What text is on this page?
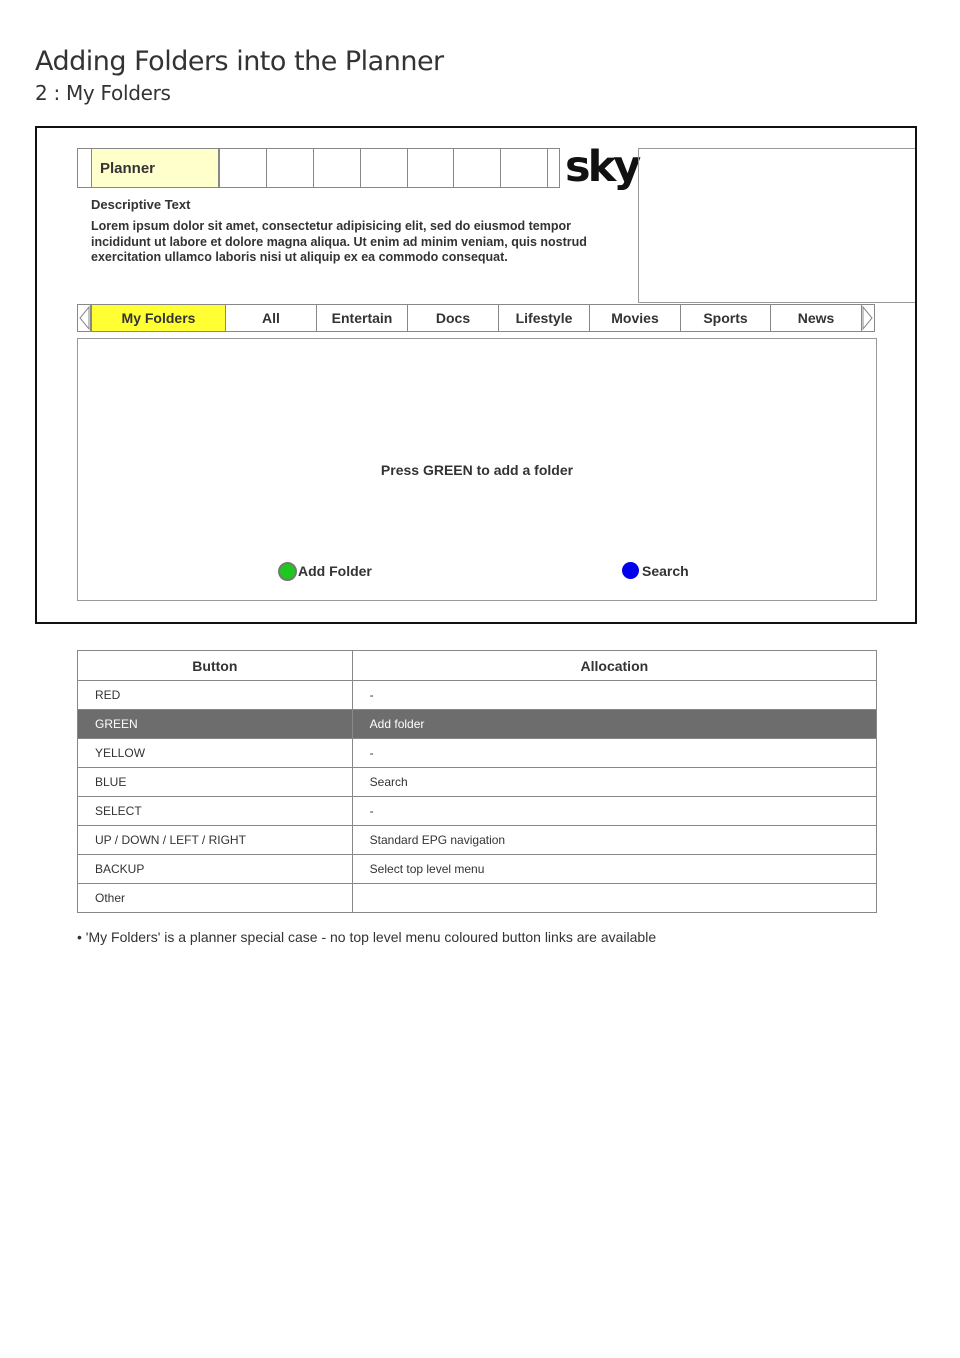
Adding Folders into the Planner
2 : My Folders
Planner	sky
Descriptive Text
Lorem ipsum dolor sit amet, consectetur adipisicing elit, sed do eiusmod tempor incididunt ut labore et dolore magna aliqua. Ut enim ad minim veniam, quis nostrud exercitation ullamco laboris nisi ut aliquip ex ea commodo consequat.
My Folders	All	Entertain	Docs	Lifestyle	Movies	Sports	News
Press GREEN to add a folder
Add Folder	Search
Button	Allocation
RED	-
GREEN	Add folder
YELLOW	-
BLUE	Search
SELECT	-
UP / DOWN / LEFT / RIGHT	Standard EPG navigation
BACKUP	Select top level menu
Other	
• 'My Folders' is a planner special case - no top level menu coloured button links are available
